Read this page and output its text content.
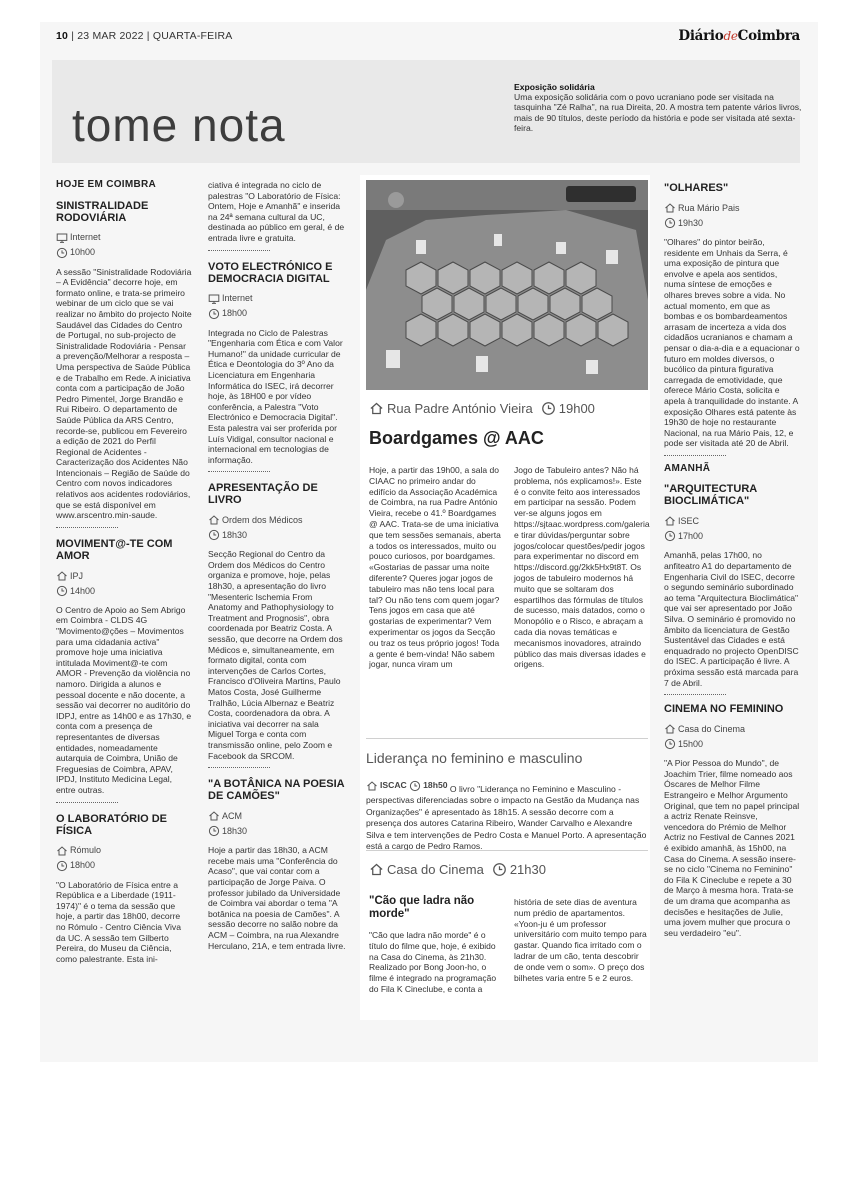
10 | 23 MAR 2022 | QUARTA-FEIRA	DiáriodeCoimbra
tome nota
Exposição solidária
Uma exposição solidária com o povo ucraniano pode ser visitada na tasquinha "Zé Ralha", na rua Direita, 20. A mostra tem patente vários livros, mais de 90 títulos, deste período da história e pode ser visitada até sexta-feira.
HOJE EM COIMBRA
SINISTRALIDADE RODOVIÁRIA
Internet
10h00

A sessão "Sinistralidade Rodoviária – A Evidência" decorre hoje, em formato online, e trata-se primeiro webinar de um ciclo que se vai realizar no âmbito do projecto Noite Saudável das Cidades do Centro de Portugal, no sub-projecto de Sinistralidade Rodoviária - Pensar a prevenção/Melhorar a resposta – Uma perspectiva de Saúde Pública e de Trabalho em Rede. A iniciativa conta com a participação de João Pedro Pimentel, Jorge Brandão e Rui Ribeiro. O departamento de Saúde Pública da ARS Centro, recorde-se, publicou em Fevereiro a edição de 2021 do Perfil Regional de Acidentes - Caracterização dos Acidentes Não Intencionais – Região de Saúde do Centro com novos indicadores relativos aos acidentes rodoviários, que se está disponível em www.arscentro.min-saude.

MOVIMENT@-TE COM AMOR
IPJ
14h00

O Centro de Apoio ao Sem Abrigo em Coimbra - CLDS 4G "Movimento@ções – Movimentos para uma cidadania activa" promove hoje uma iniciativa intitulada Moviment@-te com AMOR - Prevenção da violência no namoro. Dirigida a alunos e pessoal docente e não docente, a sessão vai decorrer no auditório do IDPJ, entre as 14h00 e as 17h30, e conta com a presença de representantes de diversas entidades, nomeadamente autarquia de Coimbra, União de Freguesias de Coimbra, APAV, IPDJ, Instituto Medicina Legal, entre outras.

O LABORATÓRIO DE FÍSICA
Rómulo
18h00

"O Laboratório de Física entre a República e a Liberdade (1911-1974)" é o tema da sessão que hoje, a partir das 18h00, decorre no Rómulo - Centro Ciência Viva da UC. A sessão tem Gilberto Pereira, do Museu da Ciência, como palestrante. Esta ini-

ciativa é integrada no ciclo de palestras "O Laboratório de Física: Ontem, Hoje e Amanhã" e inserida na 24ª semana cultural da UC, destinada ao público em geral, é de entrada livre e gratuita.

VOTO ELECTRÓNICO E DEMOCRACIA DIGITAL
Internet
18h00

Integrada no Ciclo de Palestras "Engenharia com Ética e com Valor Humano!" da unidade curricular de Ética e Deontologia do 3º Ano da Licenciatura em Engenharia Informática do ISEC, irá decorrer hoje, às 18H00 e por vídeo conferência, a Palestra "Voto Electrónico e Democracia Digital". Esta palestra vai ser proferida por Luís Vidigal, consultor nacional e internacional em tecnologias de informação.

APRESENTAÇÃO DE LIVRO
Ordem dos Médicos
18h30

Secção Regional do Centro da Ordem dos Médicos do Centro organiza e promove, hoje, pelas 18h30, a apresentação do livro "Mesenteric Ischemia From Anatomy and Pathophysiology to Treatment and Prognosis", obra coordenada por Beatriz Costa. A sessão, que decorre na Ordem dos Médicos e, simultaneamente, em formato digital, conta com intervenções de Carlos Cortes, Francisco d'Oliveira Martins, Paulo Matos Costa, José Guilherme Tralhão, Lúcia Albernaz e Beatriz Costa, coordenadora da obra. A iniciativa vai decorrer na sala Miguel Torga e conta com transmissão online, pelo Zoom e Facebook da SRCOM.

"A BOTÂNICA NA POESIA DE CAMÕES"
ACM
18h30

Hoje a partir das 18h30, a ACM recebe mais uma "Conferência do Acaso", que vai contar com a participação de Jorge Paiva. O professor jubilado da Universidade de Coimbra vai abordar o tema "A botânica na poesia de Camões". A sessão decorre no salão nobre da ACM – Coimbra, na rua Alexandre Herculano, 21A, e tem entrada livre.

Rua Padre António Vieira 19h00
Boardgames @ AAC
Hoje, a partir das 19h00, a sala do CIAAC no primeiro andar do edifício da Associação Académica de Coimbra, na rua Padre António Vieira, recebe o 41.º Boardgames @ AAC. Trata-se de uma iniciativa que tem sessões semanais, aberta a todos os interessados, muito ou pouco curiosos, por boardgames. «Gostarias de passar uma noite diferente? Queres jogar jogos de tabuleiro mas não tens local para tal? Ou não tens com quem jogar? Tens jogos em casa que até gostarias de experimentar? Vem experimentar os jogos da Secção ou traz os teus próprio jogos! Toda a gente é bem-vinda! Não sabem jogar, nunca viram um
Jogo de Tabuleiro antes? Não há problema, nós explicamos!». Este é o convite feito aos interessados em participar na sessão. Podem ver-se alguns jogos em https://sjtaac.wordpress.com/galeria e tirar dúvidas/perguntar sobre jogos/colocar questões/pedir jogos para experimentar no discord em https://discord.gg/2kk5Hx9t8T. Os jogos de tabuleiro modernos há muito que se soltaram dos espartilhos das fórmulas de títulos de sucesso, mais datados, como o Monopólio e o Risco, e abraçam a cada dia novas temáticas e mecanismos inovadores, atraindo público das mais diversas idades e origens.
Liderança no feminino e masculino
ISCAC
18h50 O livro "Liderança no Feminino e Masculino - perspectivas diferenciadas sobre o impacto na Gestão da Mudança nas Organizações" é apresentado às 18h15. A sessão decorre com a presença dos autores Catarina Ribeiro, Wander Carvalho e Alexandre Silva e tem intervenções de Pedro Costa e Manuel Porto. A apresentação está a cargo de Pedro Ramos.
Casa do Cinema 21h30
"Cão que ladra não morde"
"Cão que ladra não morde" é o título do filme que, hoje, é exibido na Casa do Cinema, às 21h30. Realizado por Bong Joon-ho, o filme é integrado na programação do Fila K Cineclube, e conta a
história de sete dias de aventura num prédio de apartamentos. «Yoon-ju é um professor universitário com muito tempo para gastar. Quando fica irritado com o ladrar de um cão, tenta descobrir de onde vem o som». O preço dos bilhetes varia entre 5 e 2 euros.
"OLHARES"
Rua Mário Pais
19h30

"Olhares" do pintor beirão, residente em Unhais da Serra, é uma exposição de pintura que envolve e apela aos sentidos, numa síntese de emoções e olhares breves sobre a vida. No actual momento, em que as bombas e os bombardeamentos arrasam de incerteza a vida dos cidadãos ucranianos e chamam a pensar o dia-a-dia e a equacionar o futuro em moldes diversos, o bucólico da pintura figurativa carregada de emotividade, que oferece Mário Costa, solicita e apela à tranquilidade do instante. A exposição Olhares está patente às 19h30 de hoje no restaurante Nacional, na rua Mário Pais, 12, e pode ser visitada até 20 de Abril.

AMANHÃ
"ARQUITECTURA BIOCLIMÁTICA"
ISEC
17h00

Amanhã, pelas 17h00, no anfiteatro A1 do departamento de Engenharia Civil do ISEC, decorre o segundo seminário subordinado ao tema "Arquitectura Bioclimática" que vai ser apresentado por João Silva. O seminário é promovido no âmbito da licenciatura de Gestão Sustentável das Cidades e está enquadrado no projecto OpenDISC do ISEC. A participação é livre. A próxima sessão está marcada para 7 de Abril.

CINEMA NO FEMININO
Casa do Cinema
15h00

"A Pior Pessoa do Mundo", de Joachim Trier, filme nomeado aos Óscares de Melhor Filme Estrangeiro e Melhor Argumento Original, que tem no papel principal a actriz Renate Reinsve, vencedora do Prémio de Melhor Actriz no Festival de Cannes 2021 é exibido amanhã, às 15h00, na Casa do Cinema. A sessão insere-se no ciclo "Cinema no Feminino" do Fila K Cineclube e repete a 30 de Março à mesma hora. Trata-se de um drama que acompanha as decisões e hesitações de Julie, uma jovem mulher que procura o seu verdadeiro "eu".
